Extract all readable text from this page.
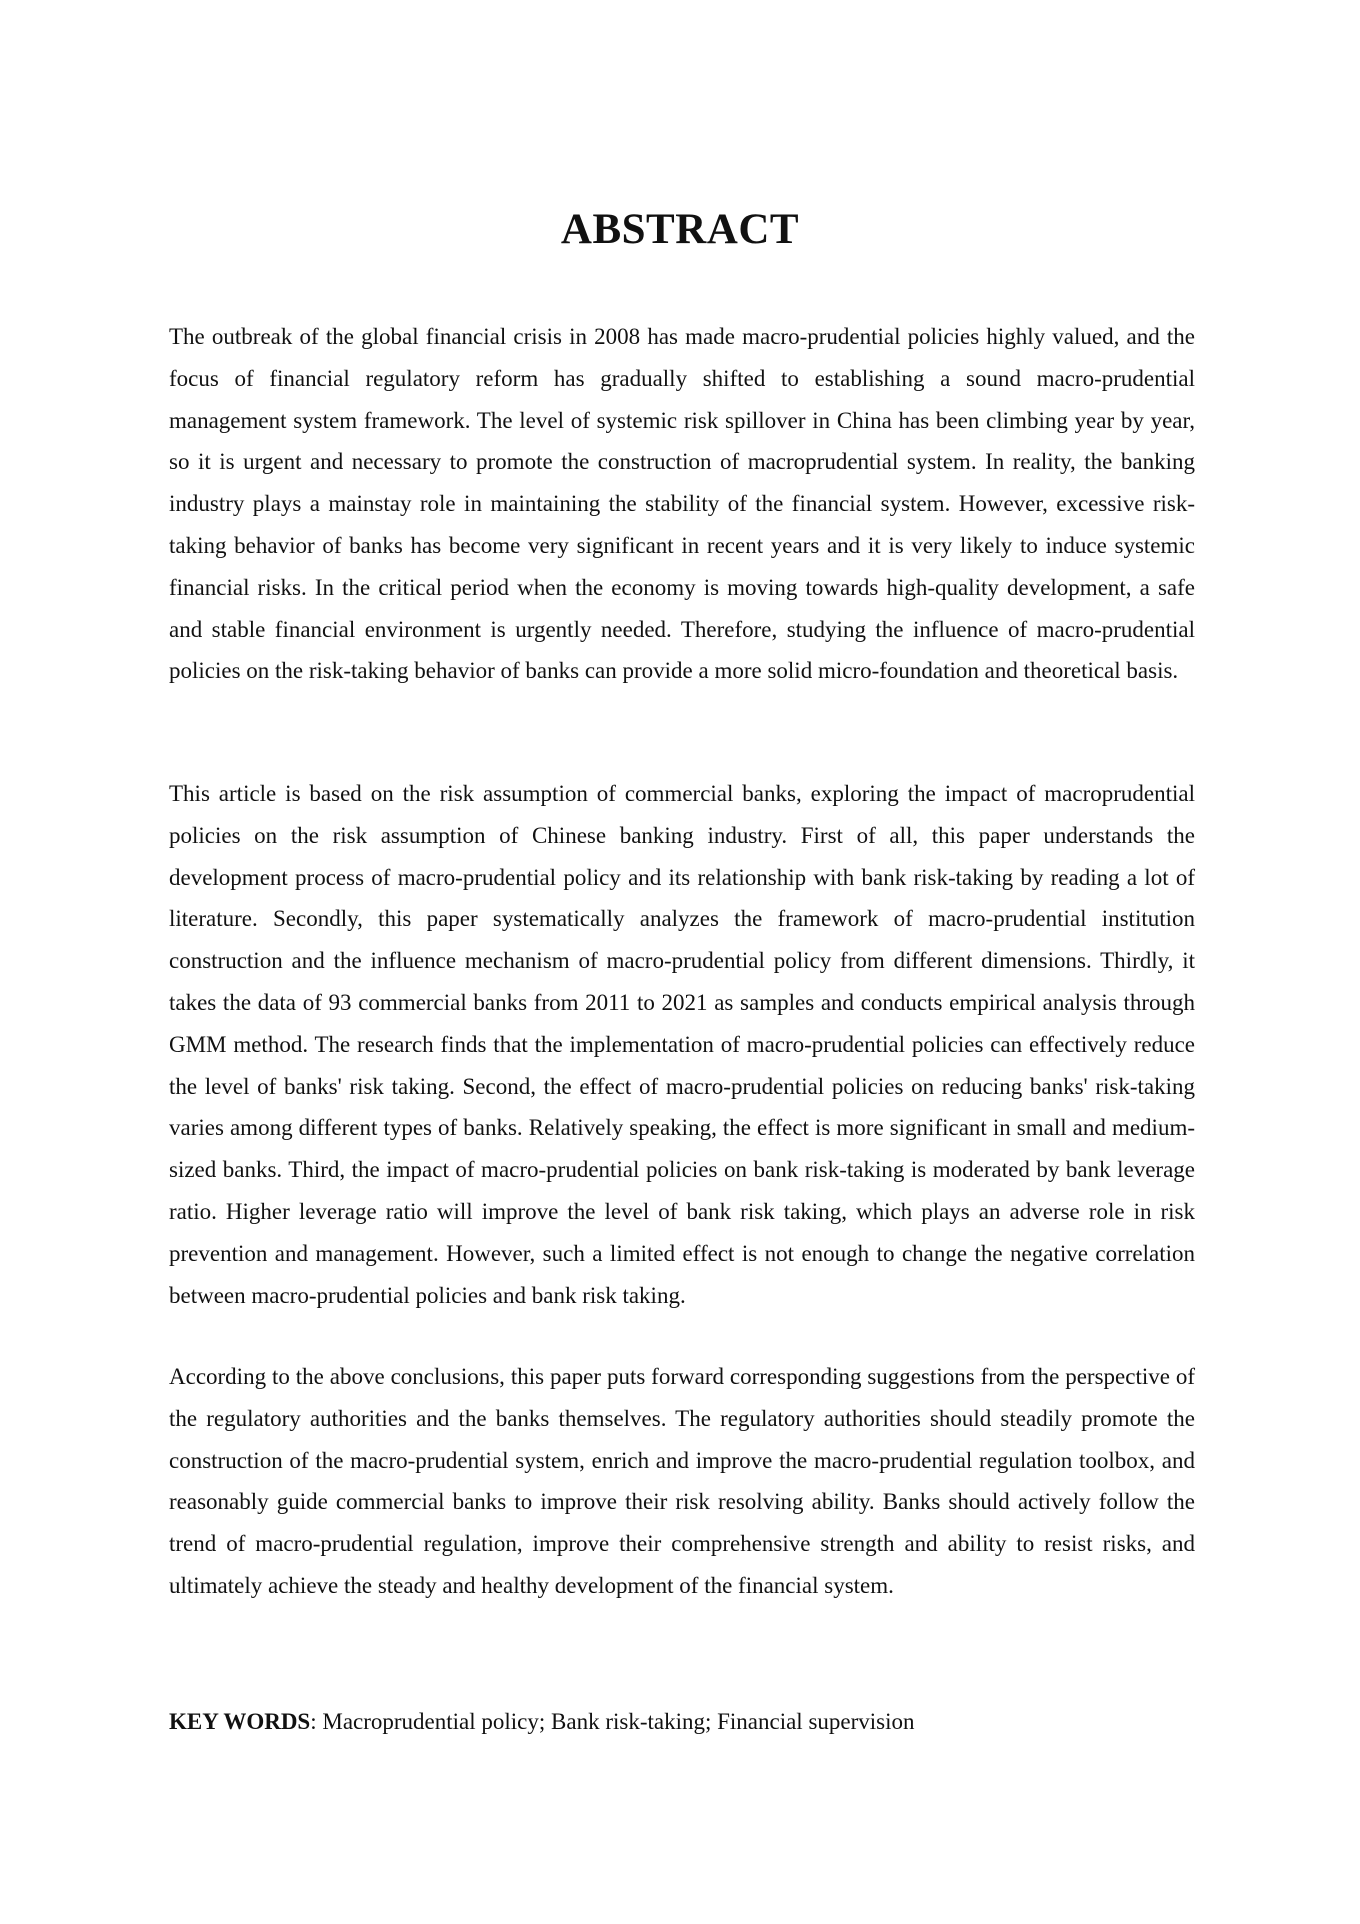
ABSTRACT

The outbreak of the global financial crisis in 2008 has made macro-prudential policies highly valued, and the focus of financial regulatory reform has gradually shifted to establishing a sound macro-prudential management system framework. The level of systemic risk spillover in China has been climbing year by year, so it is urgent and necessary to promote the construction of macroprudential system. In reality, the banking industry plays a mainstay role in maintaining the stability of the financial system. However, excessive risk-taking behavior of banks has become very significant in recent years and it is very likely to induce systemic financial risks. In the critical period when the economy is moving towards high-quality development, a safe and stable financial environment is urgently needed. Therefore, studying the influence of macro-prudential policies on the risk-taking behavior of banks can provide a more solid micro-foundation and theoretical basis.

This article is based on the risk assumption of commercial banks, exploring the impact of macroprudential policies on the risk assumption of Chinese banking industry. First of all, this paper understands the development process of macro-prudential policy and its relationship with bank risk-taking by reading a lot of literature. Secondly, this paper systematically analyzes the framework of macro-prudential institution construction and the influence mechanism of macro-prudential policy from different dimensions. Thirdly, it takes the data of 93 commercial banks from 2011 to 2021 as samples and conducts empirical analysis through GMM method. The research finds that the implementation of macro-prudential policies can effectively reduce the level of banks' risk taking. Second, the effect of macro-prudential policies on reducing banks' risk-taking varies among different types of banks. Relatively speaking, the effect is more significant in small and medium-sized banks. Third, the impact of macro-prudential policies on bank risk-taking is moderated by bank leverage ratio. Higher leverage ratio will improve the level of bank risk taking, which plays an adverse role in risk prevention and management. However, such a limited effect is not enough to change the negative correlation between macro-prudential policies and bank risk taking.

According to the above conclusions, this paper puts forward corresponding suggestions from the perspective of the regulatory authorities and the banks themselves. The regulatory authorities should steadily promote the construction of the macro-prudential system, enrich and improve the macro-prudential regulation toolbox, and reasonably guide commercial banks to improve their risk resolving ability. Banks should actively follow the trend of macro-prudential regulation, improve their comprehensive strength and ability to resist risks, and ultimately achieve the steady and healthy development of the financial system.

KEY WORDS: Macroprudential policy; Bank risk-taking; Financial supervision
